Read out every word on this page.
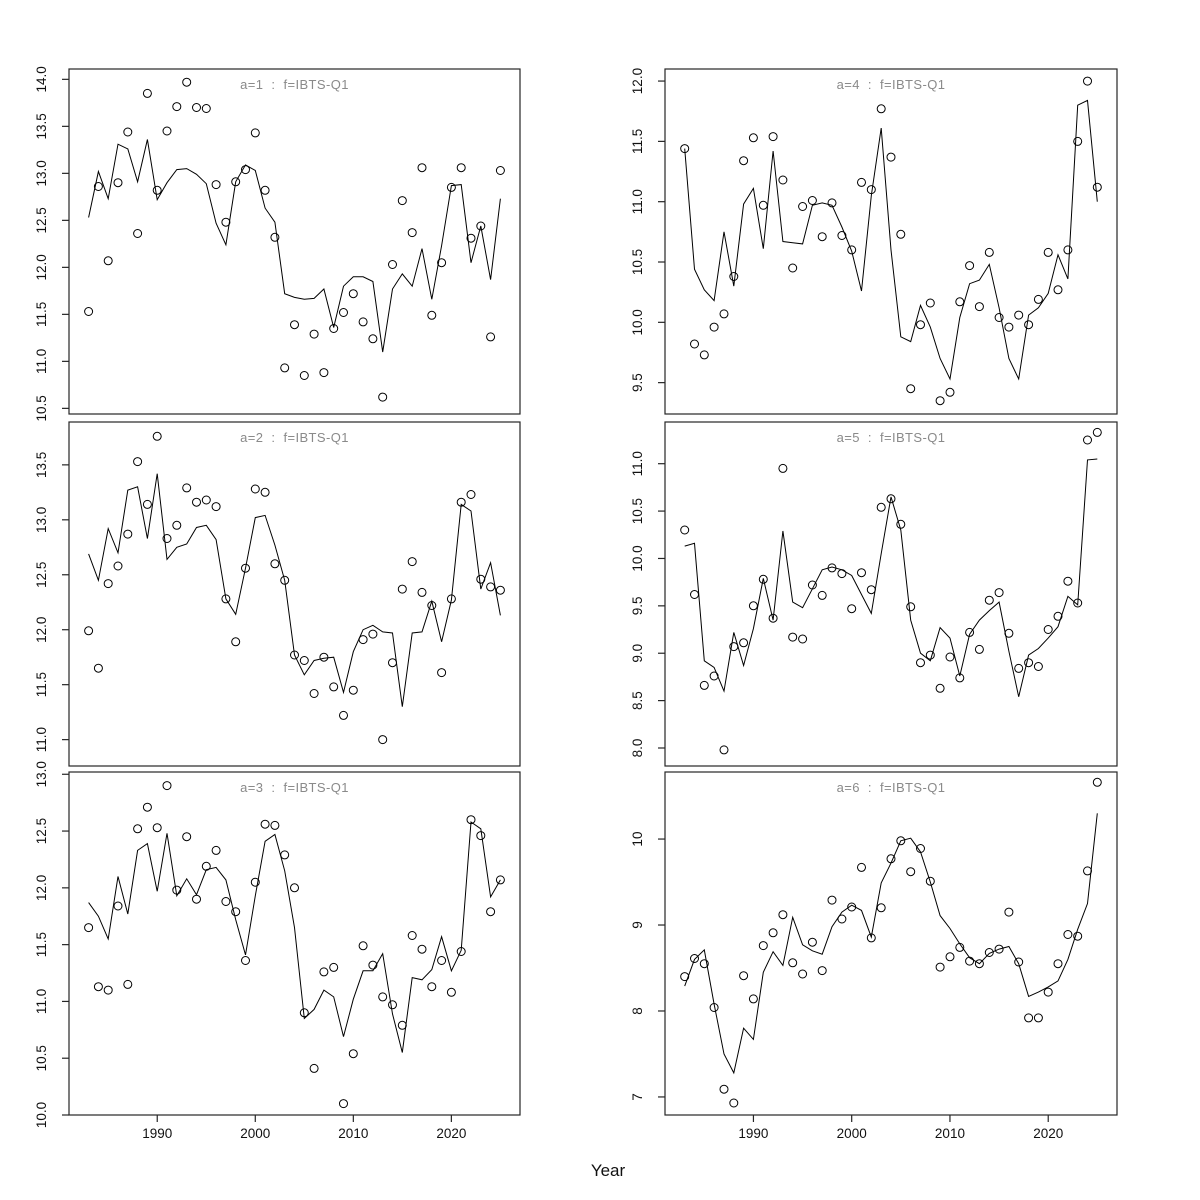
10.5
11.0
11.5
12.0
12.5
13.0
13.5
14.0
9.5
10.0
10.5
11.0
11.5
12.0
11.0
11.5
12.0
12.5
13.0
13.5
8.0
8.5
9.0
9.5
10.0
10.5
11.0
10.0
10.5
11.0
11.5
12.0
12.5
13.0
1990	2000	2010	2020
7
8
9
10
1990	2000	2010	2020
a=1  :  f=IBTS-Q1	a=4  :  f=IBTS-Q1
a=2  :  f=IBTS-Q1	a=5  :  f=IBTS-Q1
a=3  :  f=IBTS-Q1	a=6  :  f=IBTS-Q1
Year
